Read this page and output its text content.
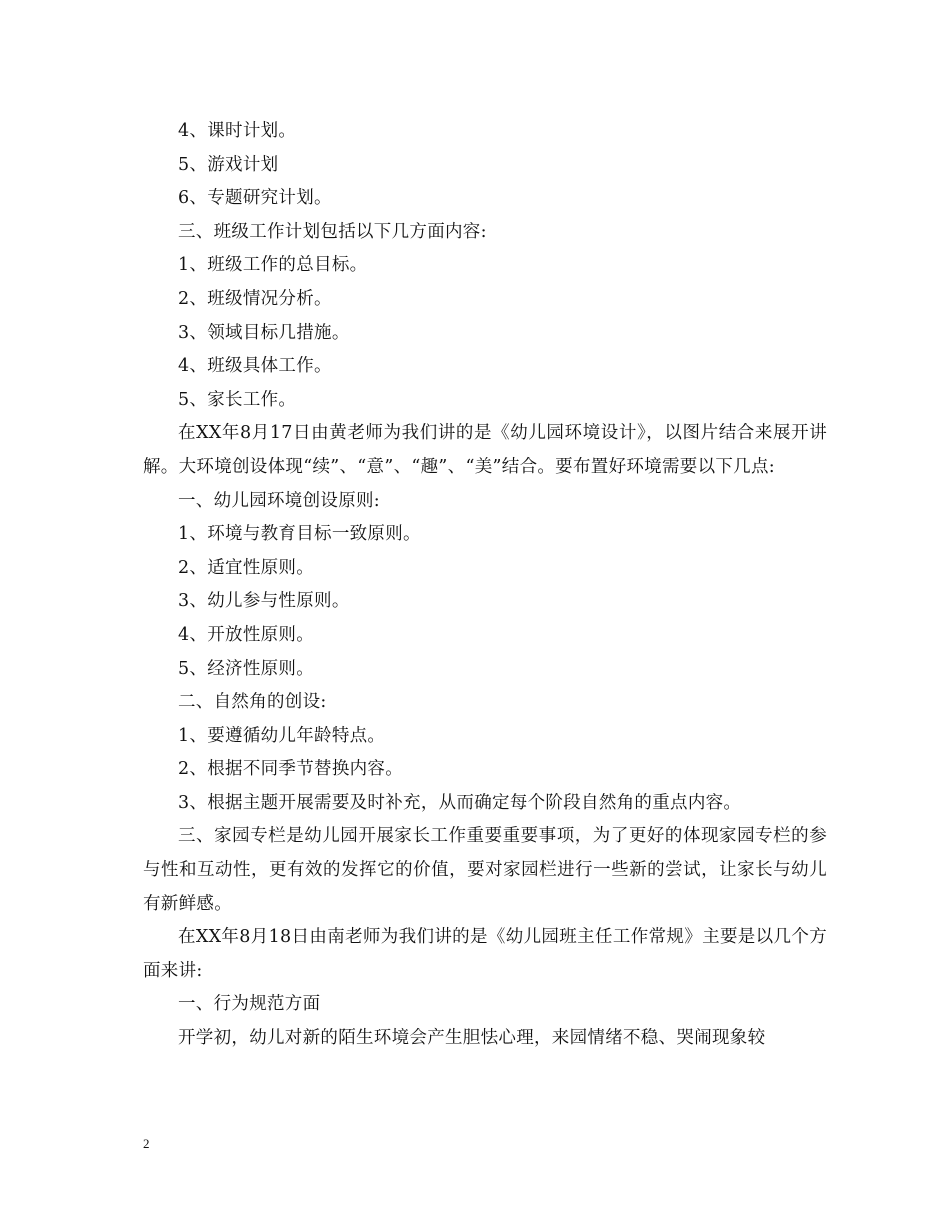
4、课时计划。

5、游戏计划

6、专题研究计划。

三、班级工作计划包括以下几方面内容:

1、班级工作的总目标。

2、班级情况分析。

3、领域目标几措施。

4、班级具体工作。

5、家长工作。

在XX年8月17日由黄老师为我们讲的是《幼儿园环境设计》，以图片结合来展开讲解。大环境创设体现“续”、“意”、“趣”、“美”结合。要布置好环境需要以下几点:

一、幼儿园环境创设原则:

1、环境与教育目标一致原则。

2、适宜性原则。

3、幼儿参与性原则。

4、开放性原则。

5、经济性原则。

二、自然角的创设:

1、要遵循幼儿年龄特点。

2、根据不同季节替换内容。

3、根据主题开展需要及时补充，从而确定每个阶段自然角的重点内容。

三、家园专栏是幼儿园开展家长工作重要重要事项，为了更好的体现家园专栏的参与性和互动性，更有效的发挥它的价值，要对家园栏进行一些新的尝试，让家长与幼儿有新鲜感。

在XX年8月18日由南老师为我们讲的是《幼儿园班主任工作常规》主要是以几个方面来讲:

一、行为规范方面

开学初，幼儿对新的陌生环境会产生胆怯心理，来园情绪不稳、哭闹现象较

2
